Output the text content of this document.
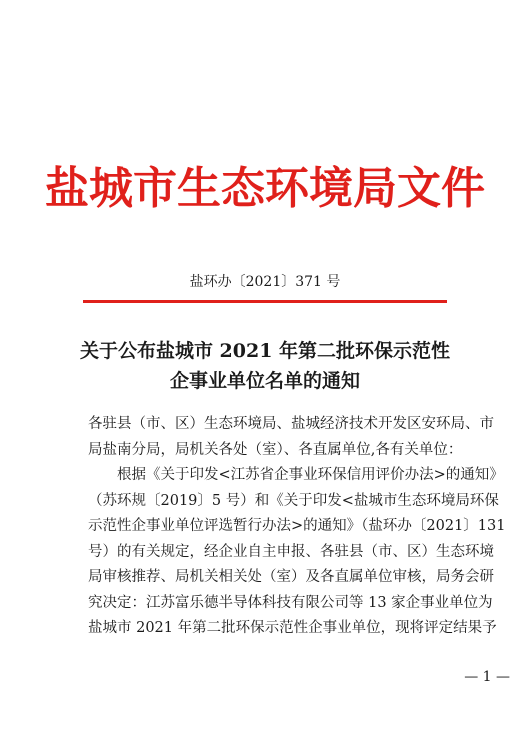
盐城市生态环境局文件
盐环办〔2021〕371 号
关于公布盐城市 2021 年第二批环保示范性
企事业单位名单的通知
各驻县（市、区）生态环境局、盐城经济技术开发区安环局、市
局盐南分局，局机关各处（室）、各直属单位,各有关单位：
根据《关于印发<江苏省企事业环保信用评价办法>的通知》
（苏环规〔2019〕5 号）和《关于印发<盐城市生态环境局环保
示范性企事业单位评选暂行办法>的通知》（盐环办〔2021〕131
号）的有关规定，经企业自主申报、各驻县（市、区）生态环境
局审核推荐、局机关相关处（室）及各直属单位审核，局务会研
究决定：江苏富乐德半导体科技有限公司等 13 家企事业单位为
盐城市 2021 年第二批环保示范性企事业单位，现将评定结果予
— 1 —
